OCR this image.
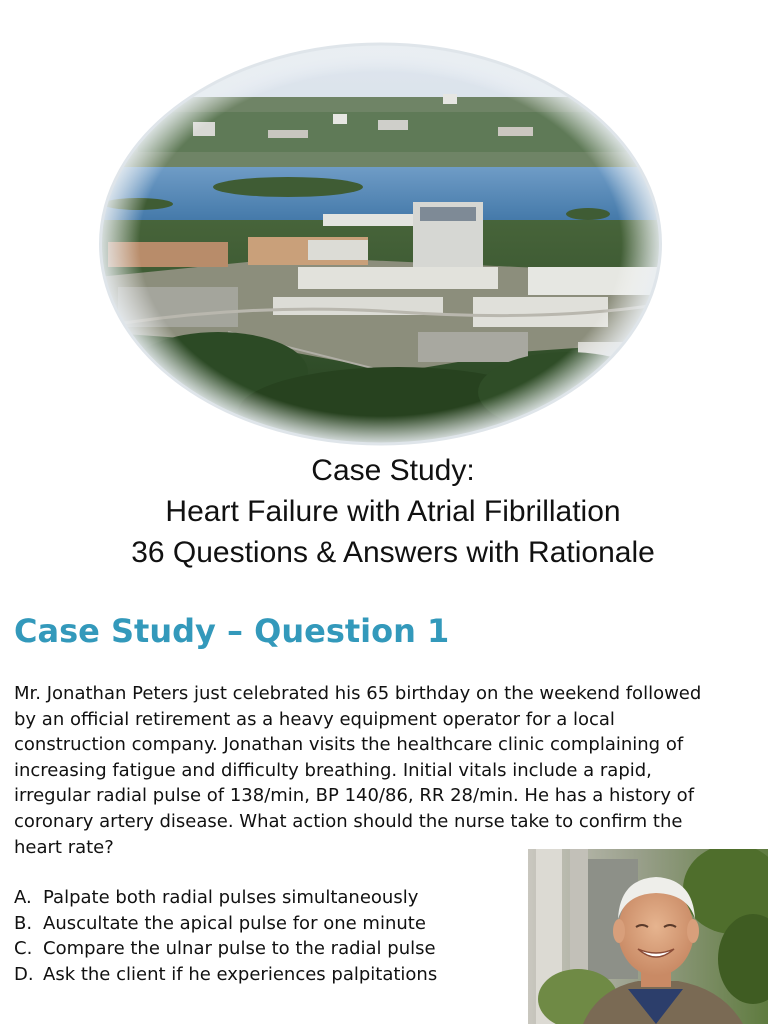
Case Study:
Heart Failure with Atrial Fibrillation
36 Questions & Answers with Rationale
Case Study – Question 1
Mr. Jonathan Peters just celebrated his 65 birthday on the weekend followed
by an official retirement as a heavy equipment operator for a local
construction company. Jonathan visits the healthcare clinic complaining of
increasing fatigue and difficulty breathing. Initial vitals include a rapid,
irregular radial pulse of 138/min, BP 140/86, RR 28/min. He has a history of
coronary artery disease. What action should the nurse take to confirm the
heart rate?
A. Palpate both radial pulses simultaneously
B. Auscultate the apical pulse for one minute
C. Compare the ulnar pulse to the radial pulse
D. Ask the client if he experiences palpitations
